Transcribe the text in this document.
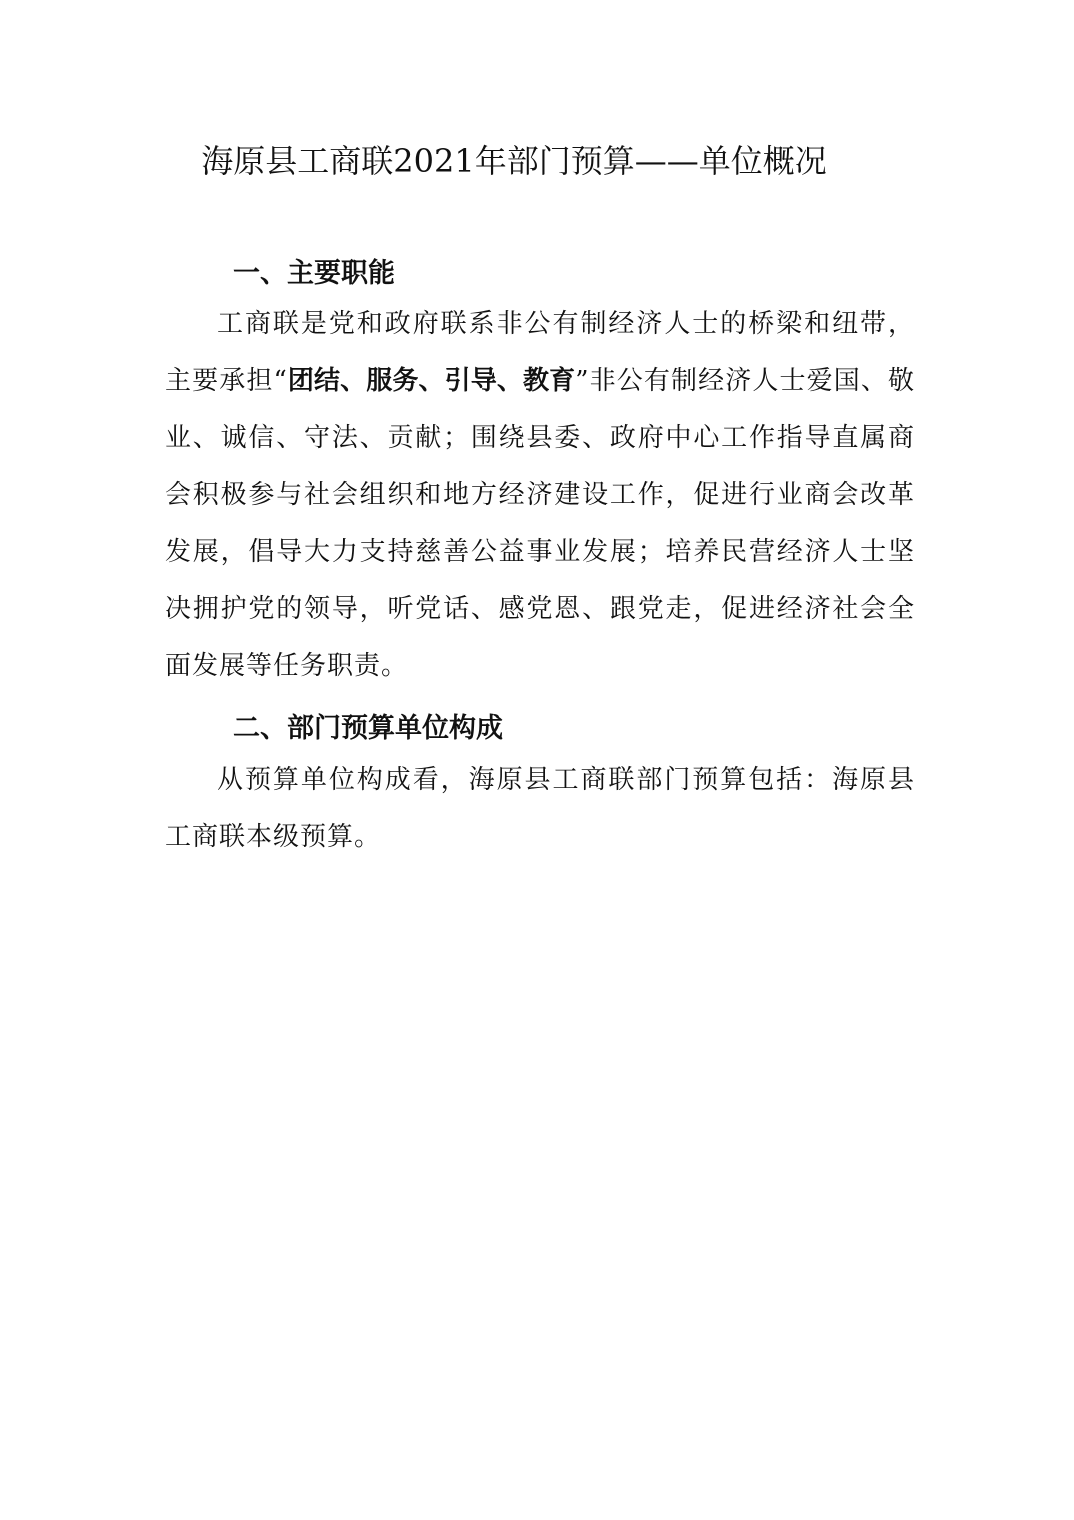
海原县工商联2021年部门预算——单位概况
一、主要职能

工商联是党和政府联系非公有制经济人士的桥梁和纽带，主要承担“团结、服务、引导、教育”非公有制经济人士爱国、敬业、诚信、守法、贡献；围绕县委、政府中心工作指导直属商会积极参与社会组织和地方经济建设工作，促进行业商会改革发展，倡导大力支持慈善公益事业发展；培养民营经济人士坚决拥护党的领导，听党话、感党恩、跟党走，促进经济社会全面发展等任务职责。

二、部门预算单位构成

从预算单位构成看，海原县工商联部门预算包括：海原县工商联本级预算。
